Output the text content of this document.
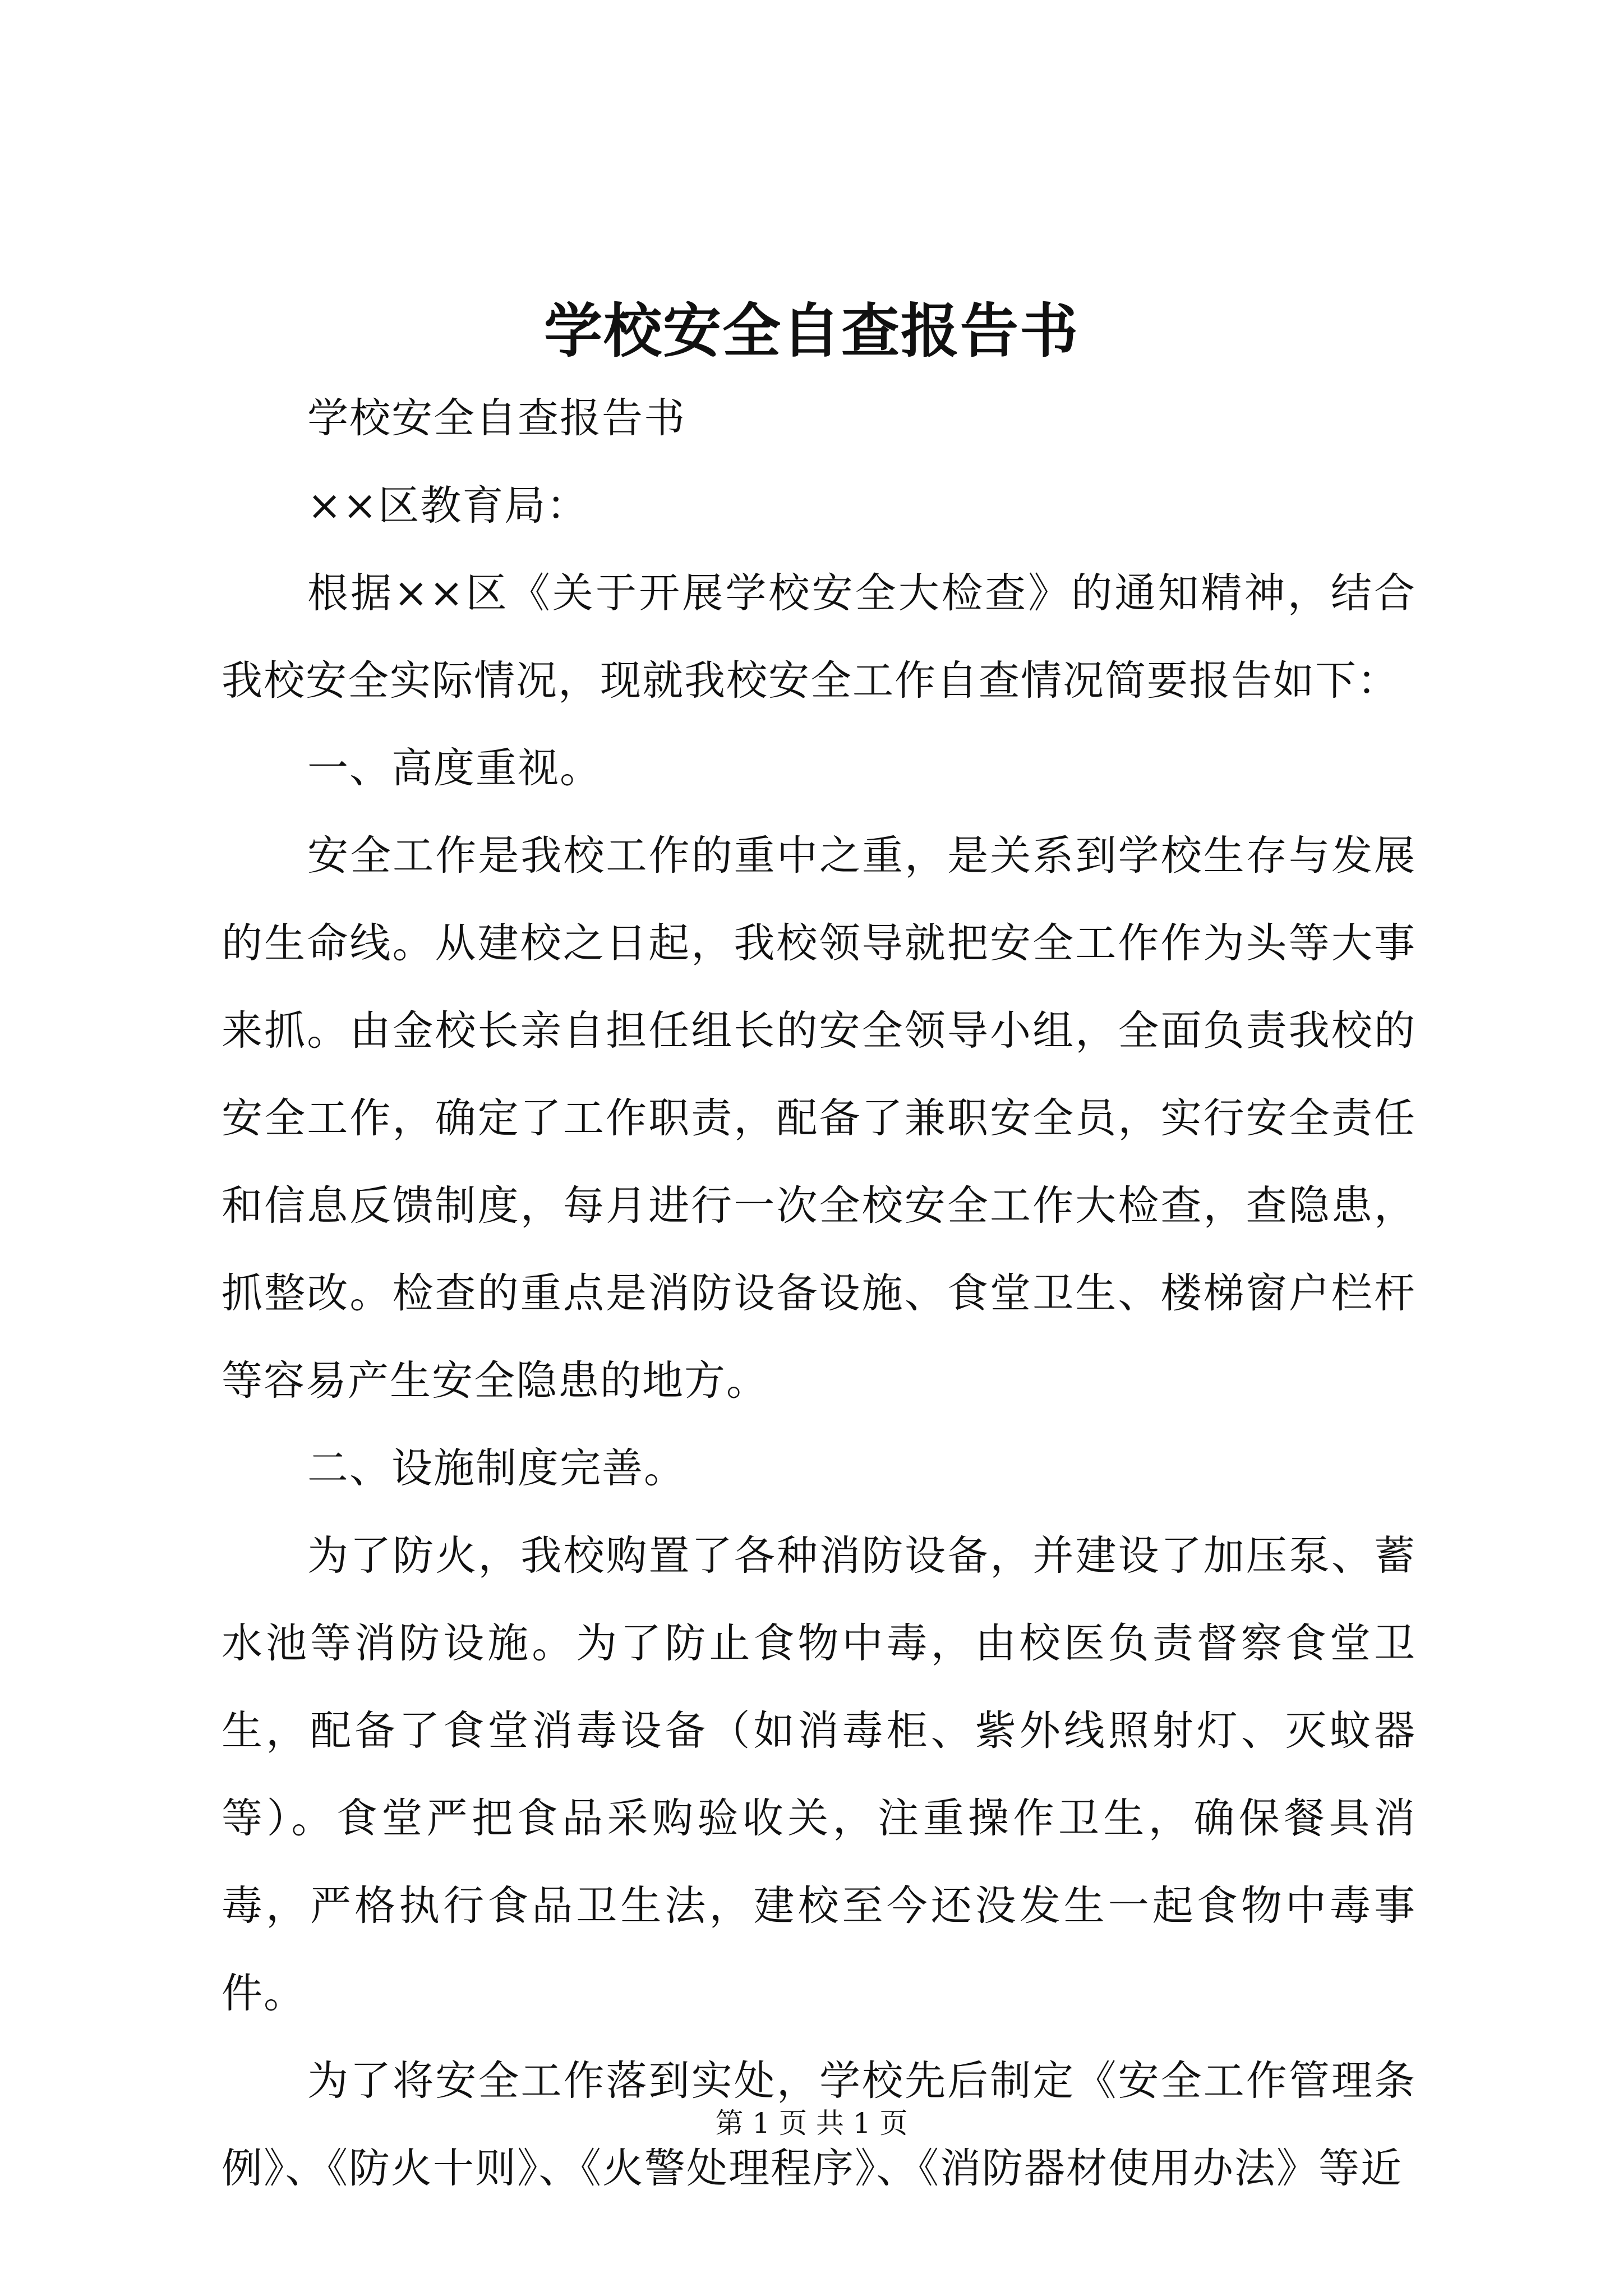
学校安全自查报告书

学校安全自查报告书

××区教育局：

根据××区《关于开展学校安全大检查》的通知精神，结合我校安全实际情况，现就我校安全工作自查情况简要报告如下：

一、高度重视。

安全工作是我校工作的重中之重，是关系到学校生存与发展的生命线。从建校之日起，我校领导就把安全工作作为头等大事来抓。由金校长亲自担任组长的安全领导小组，全面负责我校的安全工作，确定了工作职责，配备了兼职安全员，实行安全责任和信息反馈制度，每月进行一次全校安全工作大检查，查隐患，抓整改。检查的重点是消防设备设施、食堂卫生、楼梯窗户栏杆等容易产生安全隐患的地方。

二、设施制度完善。

为了防火，我校购置了各种消防设备，并建设了加压泵、蓄水池等消防设施。为了防止食物中毒，由校医负责督察食堂卫生，配备了食堂消毒设备（如消毒柜、紫外线照射灯、灭蚊器等）。食堂严把食品采购验收关，注重操作卫生，确保餐具消毒，严格执行食品卫生法，建校至今还没发生一起食物中毒事件。

为了将安全工作落到实处，学校先后制定《安全工作管理条例》、《防火十则》、《火警处理程序》、《消防器材使用办法》等近

第 1 页 共 1 页
